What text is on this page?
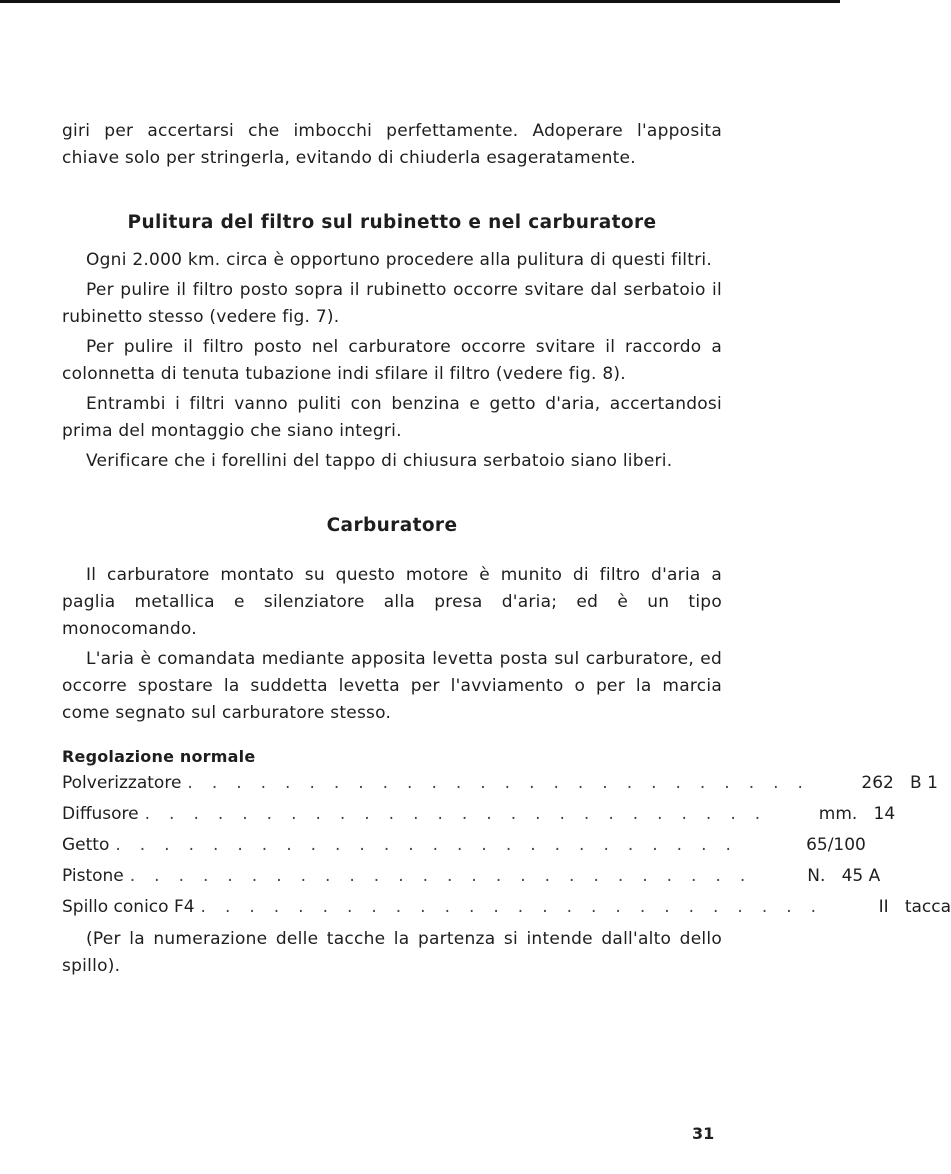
giri per accertarsi che imbocchi perfettamente. Adoperare l'apposita chiave solo per stringerla, evitando di chiuderla esageratamente.

Pulitura del filtro sul rubinetto e nel carburatore

Ogni 2.000 km. circa è opportuno procedere alla pulitura di questi filtri.

Per pulire il filtro posto sopra il rubinetto occorre svitare dal serbatoio il rubinetto stesso (vedere fig. 7).

Per pulire il filtro posto nel carburatore occorre svitare il raccordo a colonnetta di tenuta tubazione indi sfilare il filtro (vedere fig. 8).

Entrambi i filtri vanno puliti con benzina e getto d'aria, accertandosi prima del montaggio che siano integri.

Verificare che i forellini del tappo di chiusura serbatoio siano liberi.

Carburatore

Il carburatore montato su questo motore è munito di filtro d'aria a paglia metallica e silenziatore alla presa d'aria; ed è un tipo monocomando.

L'aria è comandata mediante apposita levetta posta sul carburatore, ed occorre spostare la suddetta levetta per l'avviamento o per la marcia come segnato sul carburatore stesso.

Regolazione normale
Polverizzatore ..........................	262   B 1
Diffusore ..........................	mm.   14
Getto ..........................	65/100
Pistone ..........................	N.   45 A
Spillo conico F4 ..........................	II   tacca

(Per la numerazione delle tacche la partenza si intende dall'alto dello spillo).

31
